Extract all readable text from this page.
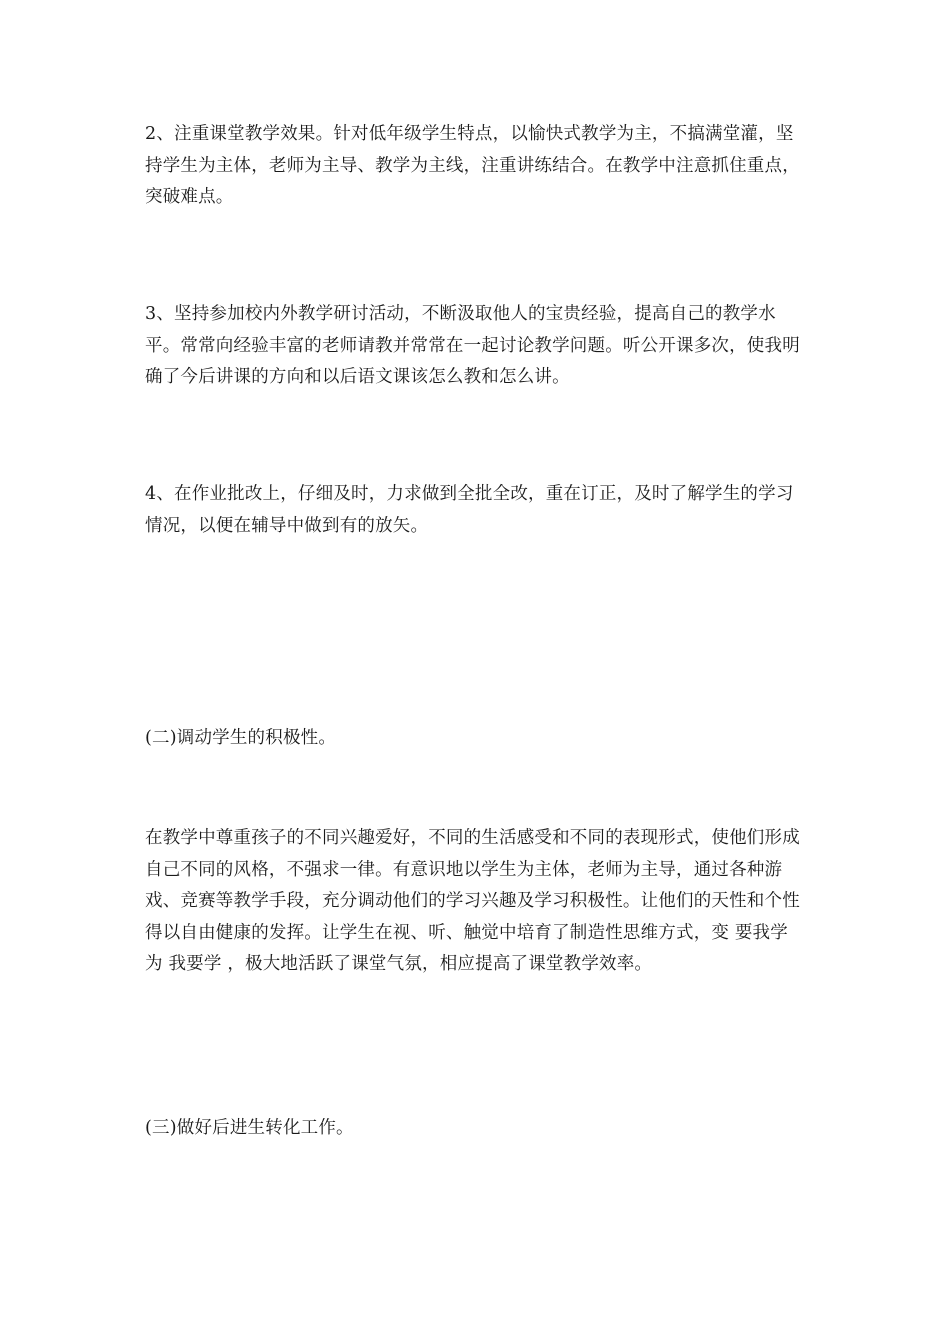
2、注重课堂教学效果。针对低年级学生特点，以愉快式教学为主，不搞满堂灌，坚持学生为主体，老师为主导、教学为主线，注重讲练结合。在教学中注意抓住重点，突破难点。

3、坚持参加校内外教学研讨活动，不断汲取他人的宝贵经验，提高自己的教学水平。常常向经验丰富的老师请教并常常在一起讨论教学问题。听公开课多次，使我明确了今后讲课的方向和以后语文课该怎么教和怎么讲。

4、在作业批改上，仔细及时，力求做到全批全改，重在订正，及时了解学生的学习情况，以便在辅导中做到有的放矢。

(二)调动学生的积极性。

在教学中尊重孩子的不同兴趣爱好，不同的生活感受和不同的表现形式，使他们形成自己不同的风格，不强求一律。有意识地以学生为主体，老师为主导，通过各种游戏、竞赛等教学手段，充分调动他们的学习兴趣及学习积极性。让他们的天性和个性得以自由健康的发挥。让学生在视、听、触觉中培育了制造性思维方式，变 要我学 为 我要学 ，极大地活跃了课堂气氛，相应提高了课堂教学效率。

(三)做好后进生转化工作。
